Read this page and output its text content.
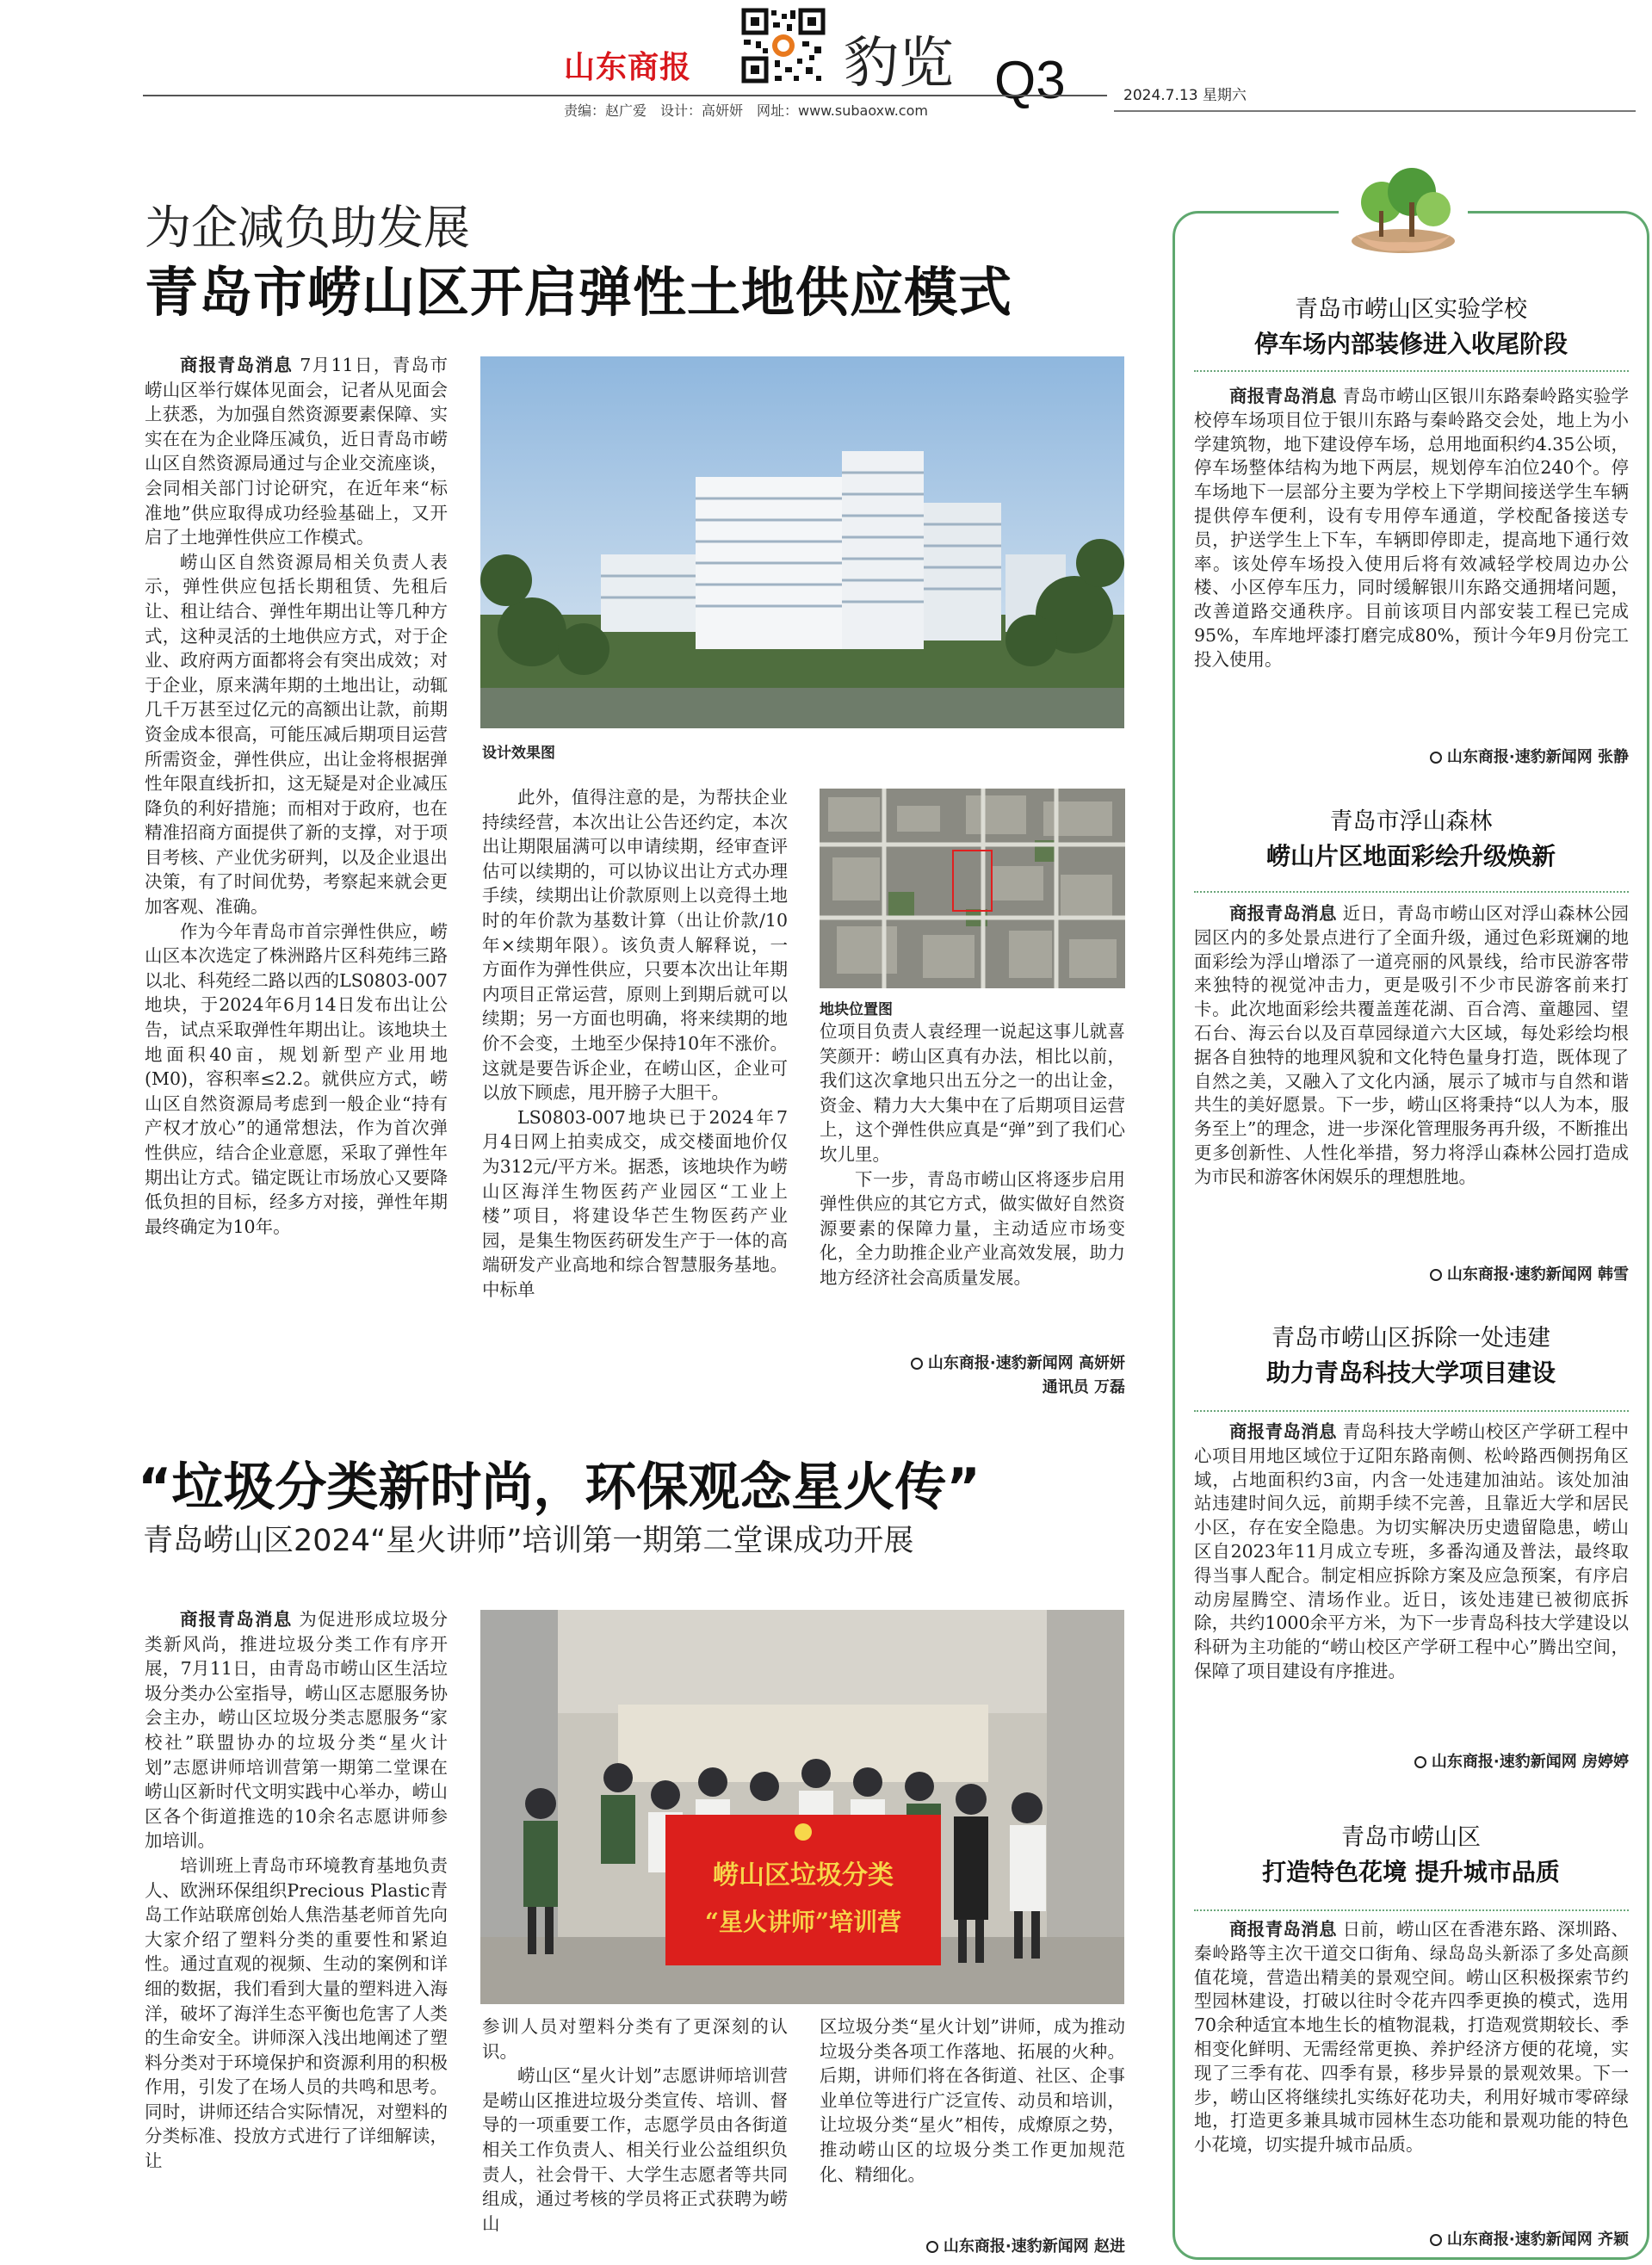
山东商报	豹览 Q3	2024.7.13 星期六
责编：赵广爱　设计：高妍妍　网址：www.subaoxw.com
为企减负助发展
青岛市崂山区开启弹性土地供应模式

商报青岛消息 7月11日，青岛市崂山区举行媒体见面会，记者从见面会上获悉，为加强自然资源要素保障、实实在在为企业降压减负，近日青岛市崂山区自然资源局通过与企业交流座谈，会同相关部门讨论研究，在近年来“标准地”供应取得成功经验基础上，又开启了土地弹性供应工作模式。

崂山区自然资源局相关负责人表示，弹性供应包括长期租赁、先租后让、租让结合、弹性年期出让等几种方式，这种灵活的土地供应方式，对于企业、政府两方面都将会有突出成效；对于企业，原来满年期的土地出让，动辄几千万甚至过亿元的高额出让款，前期资金成本很高，可能压减后期项目运营所需资金，弹性供应，出让金将根据弹性年限直线折扣，这无疑是对企业减压降负的利好措施；而相对于政府，也在精准招商方面提供了新的支撑，对于项目考核、产业优劣研判，以及企业退出决策，有了时间优势，考察起来就会更加客观、准确。

作为今年青岛市首宗弹性供应，崂山区本次选定了株洲路片区科苑纬三路以北、科苑经二路以西的LS0803-007地块，于2024年6月14日发布出让公告，试点采取弹性年期出让。该地块土地面积40亩，规划新型产业用地(M0)，容积率≤2.2。就供应方式，崂山区自然资源局考虑到一般企业“持有产权才放心”的通常想法，作为首次弹性供应，结合企业意愿，采取了弹性年期出让方式。锚定既让市场放心又要降低负担的目标，经多方对接，弹性年期最终确定为10年。

设计效果图

此外，值得注意的是，为帮扶企业持续经营，本次出让公告还约定，本次出让期限届满可以申请续期，经审查评估可以续期的，可以协议出让方式办理手续，续期出让价款原则上以竞得土地时的年价款为基数计算（出让价款/10年×续期年限）。该负责人解释说，一方面作为弹性供应，只要本次出让年期内项目正常运营，原则上到期后就可以续期；另一方面也明确，将来续期的地价不会变，土地至少保持10年不涨价。这就是要告诉企业，在崂山区，企业可以放下顾虑，甩开膀子大胆干。

LS0803-007地块已于2024年7月4日网上拍卖成交，成交楼面地价仅为312元/平方米。据悉，该地块作为崂山区海洋生物医药产业园区“工业上楼”项目，将建设华芒生物医药产业园，是集生物医药研发生产于一体的高端研发产业高地和综合智慧服务基地。中标单

地块位置图

位项目负责人袁经理一说起这事儿就喜笑颜开：崂山区真有办法，相比以前，我们这次拿地只出五分之一的出让金，资金、精力大大集中在了后期项目运营上，这个弹性供应真是“弹”到了我们心坎儿里。

下一步，青岛市崂山区将逐步启用弹性供应的其它方式，做实做好自然资源要素的保障力量，主动适应市场变化，全力助推企业产业高效发展，助力地方经济社会高质量发展。

山东商报·速豹新闻网 高妍妍
通讯员 万磊
“垃圾分类新时尚，环保观念星火传”
青岛崂山区2024“星火讲师”培训第一期第二堂课成功开展

商报青岛消息 为促进形成垃圾分类新风尚，推进垃圾分类工作有序开展，7月11日，由青岛市崂山区生活垃圾分类办公室指导，崂山区志愿服务协会主办，崂山区垃圾分类志愿服务“家校社”联盟协办的垃圾分类“星火计划”志愿讲师培训营第一期第二堂课在崂山区新时代文明实践中心举办，崂山区各个街道推选的10余名志愿讲师参加培训。

培训班上青岛市环境教育基地负责人、欧洲环保组织Precious Plastic青岛工作站联席创始人焦浩基老师首先向大家介绍了塑料分类的重要性和紧迫性。通过直观的视频、生动的案例和详细的数据，我们看到大量的塑料进入海洋，破坏了海洋生态平衡也危害了人类的生命安全。讲师深入浅出地阐述了塑料分类对于环境保护和资源利用的积极作用，引发了在场人员的共鸣和思考。同时，讲师还结合实际情况，对塑料的分类标准、投放方式进行了详细解读，让

崂山区垃圾分类
“星火讲师”培训营

参训人员对塑料分类有了更深刻的认识。

崂山区“星火计划”志愿讲师培训营是崂山区推进垃圾分类宣传、培训、督导的一项重要工作，志愿学员由各街道相关工作负责人、相关行业公益组织负责人，社会骨干、大学生志愿者等共同组成，通过考核的学员将正式获聘为崂山

区垃圾分类“星火计划”讲师，成为推动垃圾分类各项工作落地、拓展的火种。后期，讲师们将在各街道、社区、企事业单位等进行广泛宣传、动员和培训，让垃圾分类“星火”相传，成燎原之势，推动崂山区的垃圾分类工作更加规范化、精细化。

山东商报·速豹新闻网 赵进
青岛市崂山区实验学校
停车场内部装修进入收尾阶段

商报青岛消息 青岛市崂山区银川东路秦岭路实验学校停车场项目位于银川东路与秦岭路交会处，地上为小学建筑物，地下建设停车场，总用地面积约4.35公顷，停车场整体结构为地下两层，规划停车泊位240个。停车场地下一层部分主要为学校上下学期间接送学生车辆提供停车便利，设有专用停车通道，学校配备接送专员，护送学生上下车，车辆即停即走，提高地下通行效率。该处停车场投入使用后将有效减轻学校周边办公楼、小区停车压力，同时缓解银川东路交通拥堵问题，改善道路交通秩序。目前该项目内部安装工程已完成95%，车库地坪漆打磨完成80%，预计今年9月份完工投入使用。

山东商报·速豹新闻网 张静
青岛市浮山森林
崂山片区地面彩绘升级焕新

商报青岛消息 近日，青岛市崂山区对浮山森林公园园区内的多处景点进行了全面升级，通过色彩斑斓的地面彩绘为浮山增添了一道亮丽的风景线，给市民游客带来独特的视觉冲击力，更是吸引不少市民游客前来打卡。此次地面彩绘共覆盖莲花湖、百合湾、童趣园、望石台、海云台以及百草园绿道六大区域，每处彩绘均根据各自独特的地理风貌和文化特色量身打造，既体现了自然之美，又融入了文化内涵，展示了城市与自然和谐共生的美好愿景。下一步，崂山区将秉持“以人为本，服务至上”的理念，进一步深化管理服务再升级，不断推出更多创新性、人性化举措，努力将浮山森林公园打造成为市民和游客休闲娱乐的理想胜地。

山东商报·速豹新闻网 韩雪
青岛市崂山区拆除一处违建
助力青岛科技大学项目建设

商报青岛消息 青岛科技大学崂山校区产学研工程中心项目用地区域位于辽阳东路南侧、松岭路西侧拐角区域，占地面积约3亩，内含一处违建加油站。该处加油站违建时间久远，前期手续不完善，且靠近大学和居民小区，存在安全隐患。为切实解决历史遗留隐患，崂山区自2023年11月成立专班，多番沟通及普法，最终取得当事人配合。制定相应拆除方案及应急预案，有序启动房屋腾空、清场作业。近日，该处违建已被彻底拆除，共约1000余平方米，为下一步青岛科技大学建设以科研为主功能的“崂山校区产学研工程中心”腾出空间，保障了项目建设有序推进。

山东商报·速豹新闻网 房婷婷
青岛市崂山区
打造特色花境 提升城市品质

商报青岛消息 日前，崂山区在香港东路、深圳路、秦岭路等主次干道交口街角、绿岛岛头新添了多处高颜值花境，营造出精美的景观空间。崂山区积极探索节约型园林建设，打破以往时令花卉四季更换的模式，选用70余种适宜本地生长的植物混栽，打造观赏期较长、季相变化鲜明、无需经常更换、养护经济方便的花境，实现了三季有花、四季有景，移步异景的景观效果。下一步，崂山区将继续扎实练好花功夫，利用好城市零碎绿地，打造更多兼具城市园林生态功能和景观功能的特色小花境，切实提升城市品质。

山东商报·速豹新闻网 齐颖
